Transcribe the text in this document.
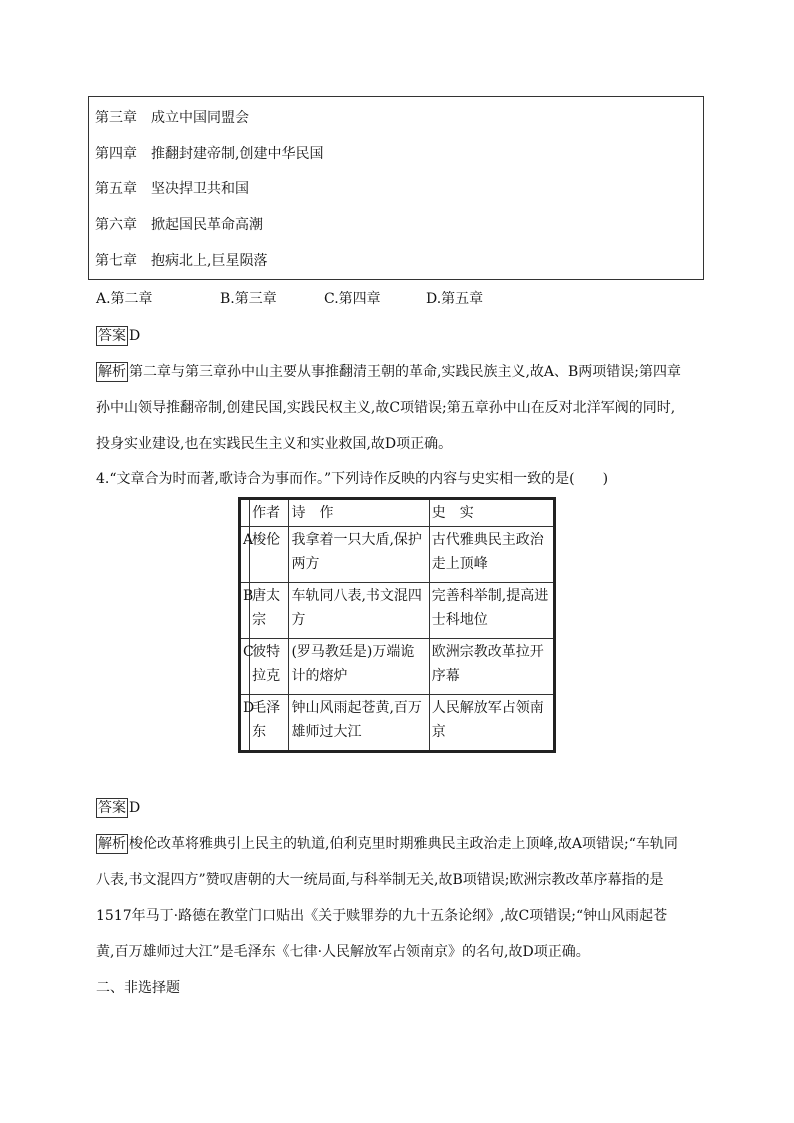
第三章 成立中国同盟会
第四章 推翻封建帝制,创建中华民国
第五章 坚决捍卫共和国
第六章 掀起国民革命高潮
第七章 抱病北上,巨星陨落
A.第二章	B.第三章	C.第四章	D.第五章
答案 D
解析 第二章与第三章孙中山主要从事推翻清王朝的革命,实践民族主义,故A、B两项错误;第四章
孙中山领导推翻帝制,创建民国,实践民权主义,故C项错误;第五章孙中山在反对北洋军阀的同时,
投身实业建设,也在实践民生主义和实业救国,故D项正确。
4.“文章合为时而著,歌诗合为事而作。”下列诗作反映的内容与史实相一致的是(　　)
	作者	诗　作	史　实
A	梭伦	我拿着一只大盾,保护两方	古代雅典民主政治走上顶峰
B	唐太宗	车轨同八表,书文混四方	完善科举制,提高进士科地位
C	彼特拉克	(罗马教廷是)万端诡计的熔炉	欧洲宗教改革拉开序幕
D	毛泽东	钟山风雨起苍黄,百万雄师过大江	人民解放军占领南京
答案 D
解析 梭伦改革将雅典引上民主的轨道,伯利克里时期雅典民主政治走上顶峰,故A项错误;“车轨同
八表,书文混四方”赞叹唐朝的大一统局面,与科举制无关,故B项错误;欧洲宗教改革序幕指的是
1517年马丁·路德在教堂门口贴出《关于赎罪券的九十五条论纲》,故C项错误;“钟山风雨起苍
黄,百万雄师过大江”是毛泽东《七律·人民解放军占领南京》的名句,故D项正确。
二、非选择题
